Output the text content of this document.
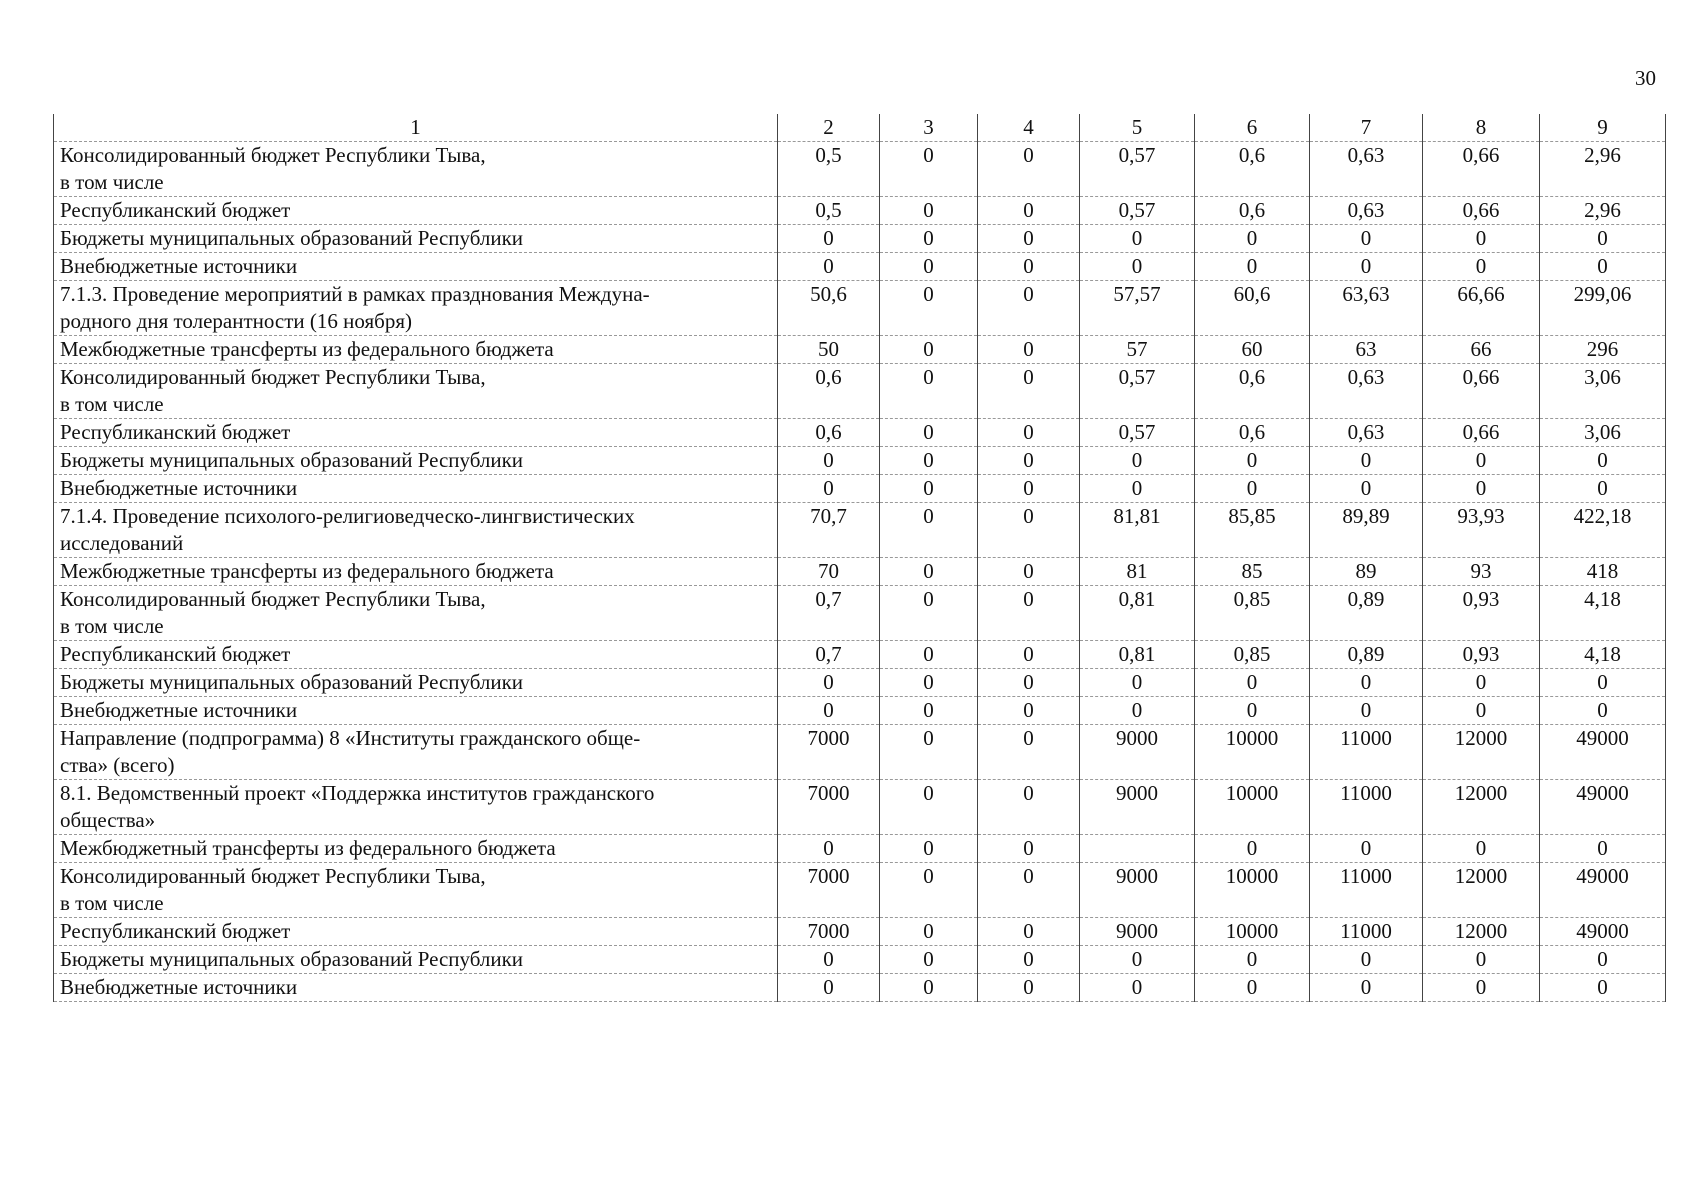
30
1	2	3	4	5	6	7	8	9
Консолидированный бюджет Республики Тыва,
в том числе	0,5	0	0	0,57	0,6	0,63	0,66	2,96
Республиканский бюджет	0,5	0	0	0,57	0,6	0,63	0,66	2,96
Бюджеты муниципальных образований Республики	0	0	0	0	0	0	0	0
Внебюджетные источники	0	0	0	0	0	0	0	0
7.1.3. Проведение мероприятий в рамках празднования Междуна-
родного дня толерантности (16 ноября)	50,6	0	0	57,57	60,6	63,63	66,66	299,06
Межбюджетные трансферты из федерального бюджета	50	0	0	57	60	63	66	296
Консолидированный бюджет Республики Тыва,
в том числе	0,6	0	0	0,57	0,6	0,63	0,66	3,06
Республиканский бюджет	0,6	0	0	0,57	0,6	0,63	0,66	3,06
Бюджеты муниципальных образований Республики	0	0	0	0	0	0	0	0
Внебюджетные источники	0	0	0	0	0	0	0	0
7.1.4. Проведение психолого-религиоведческо-лингвистических
исследований	70,7	0	0	81,81	85,85	89,89	93,93	422,18
Межбюджетные трансферты из федерального бюджета	70	0	0	81	85	89	93	418
Консолидированный бюджет Республики Тыва,
в том числе	0,7	0	0	0,81	0,85	0,89	0,93	4,18
Республиканский бюджет	0,7	0	0	0,81	0,85	0,89	0,93	4,18
Бюджеты муниципальных образований Республики	0	0	0	0	0	0	0	0
Внебюджетные источники	0	0	0	0	0	0	0	0
Направление (подпрограмма) 8 «Институты гражданского обще-
ства» (всего)	7000	0	0	9000	10000	11000	12000	49000
8.1. Ведомственный проект «Поддержка институтов гражданского
общества»	7000	0	0	9000	10000	11000	12000	49000
Межбюджетный трансферты из федерального бюджета	0	0	0		0	0	0	0
Консолидированный бюджет Республики Тыва,
в том числе	7000	0	0	9000	10000	11000	12000	49000
Республиканский бюджет	7000	0	0	9000	10000	11000	12000	49000
Бюджеты муниципальных образований Республики	0	0	0	0	0	0	0	0
Внебюджетные источники	0	0	0	0	0	0	0	0
